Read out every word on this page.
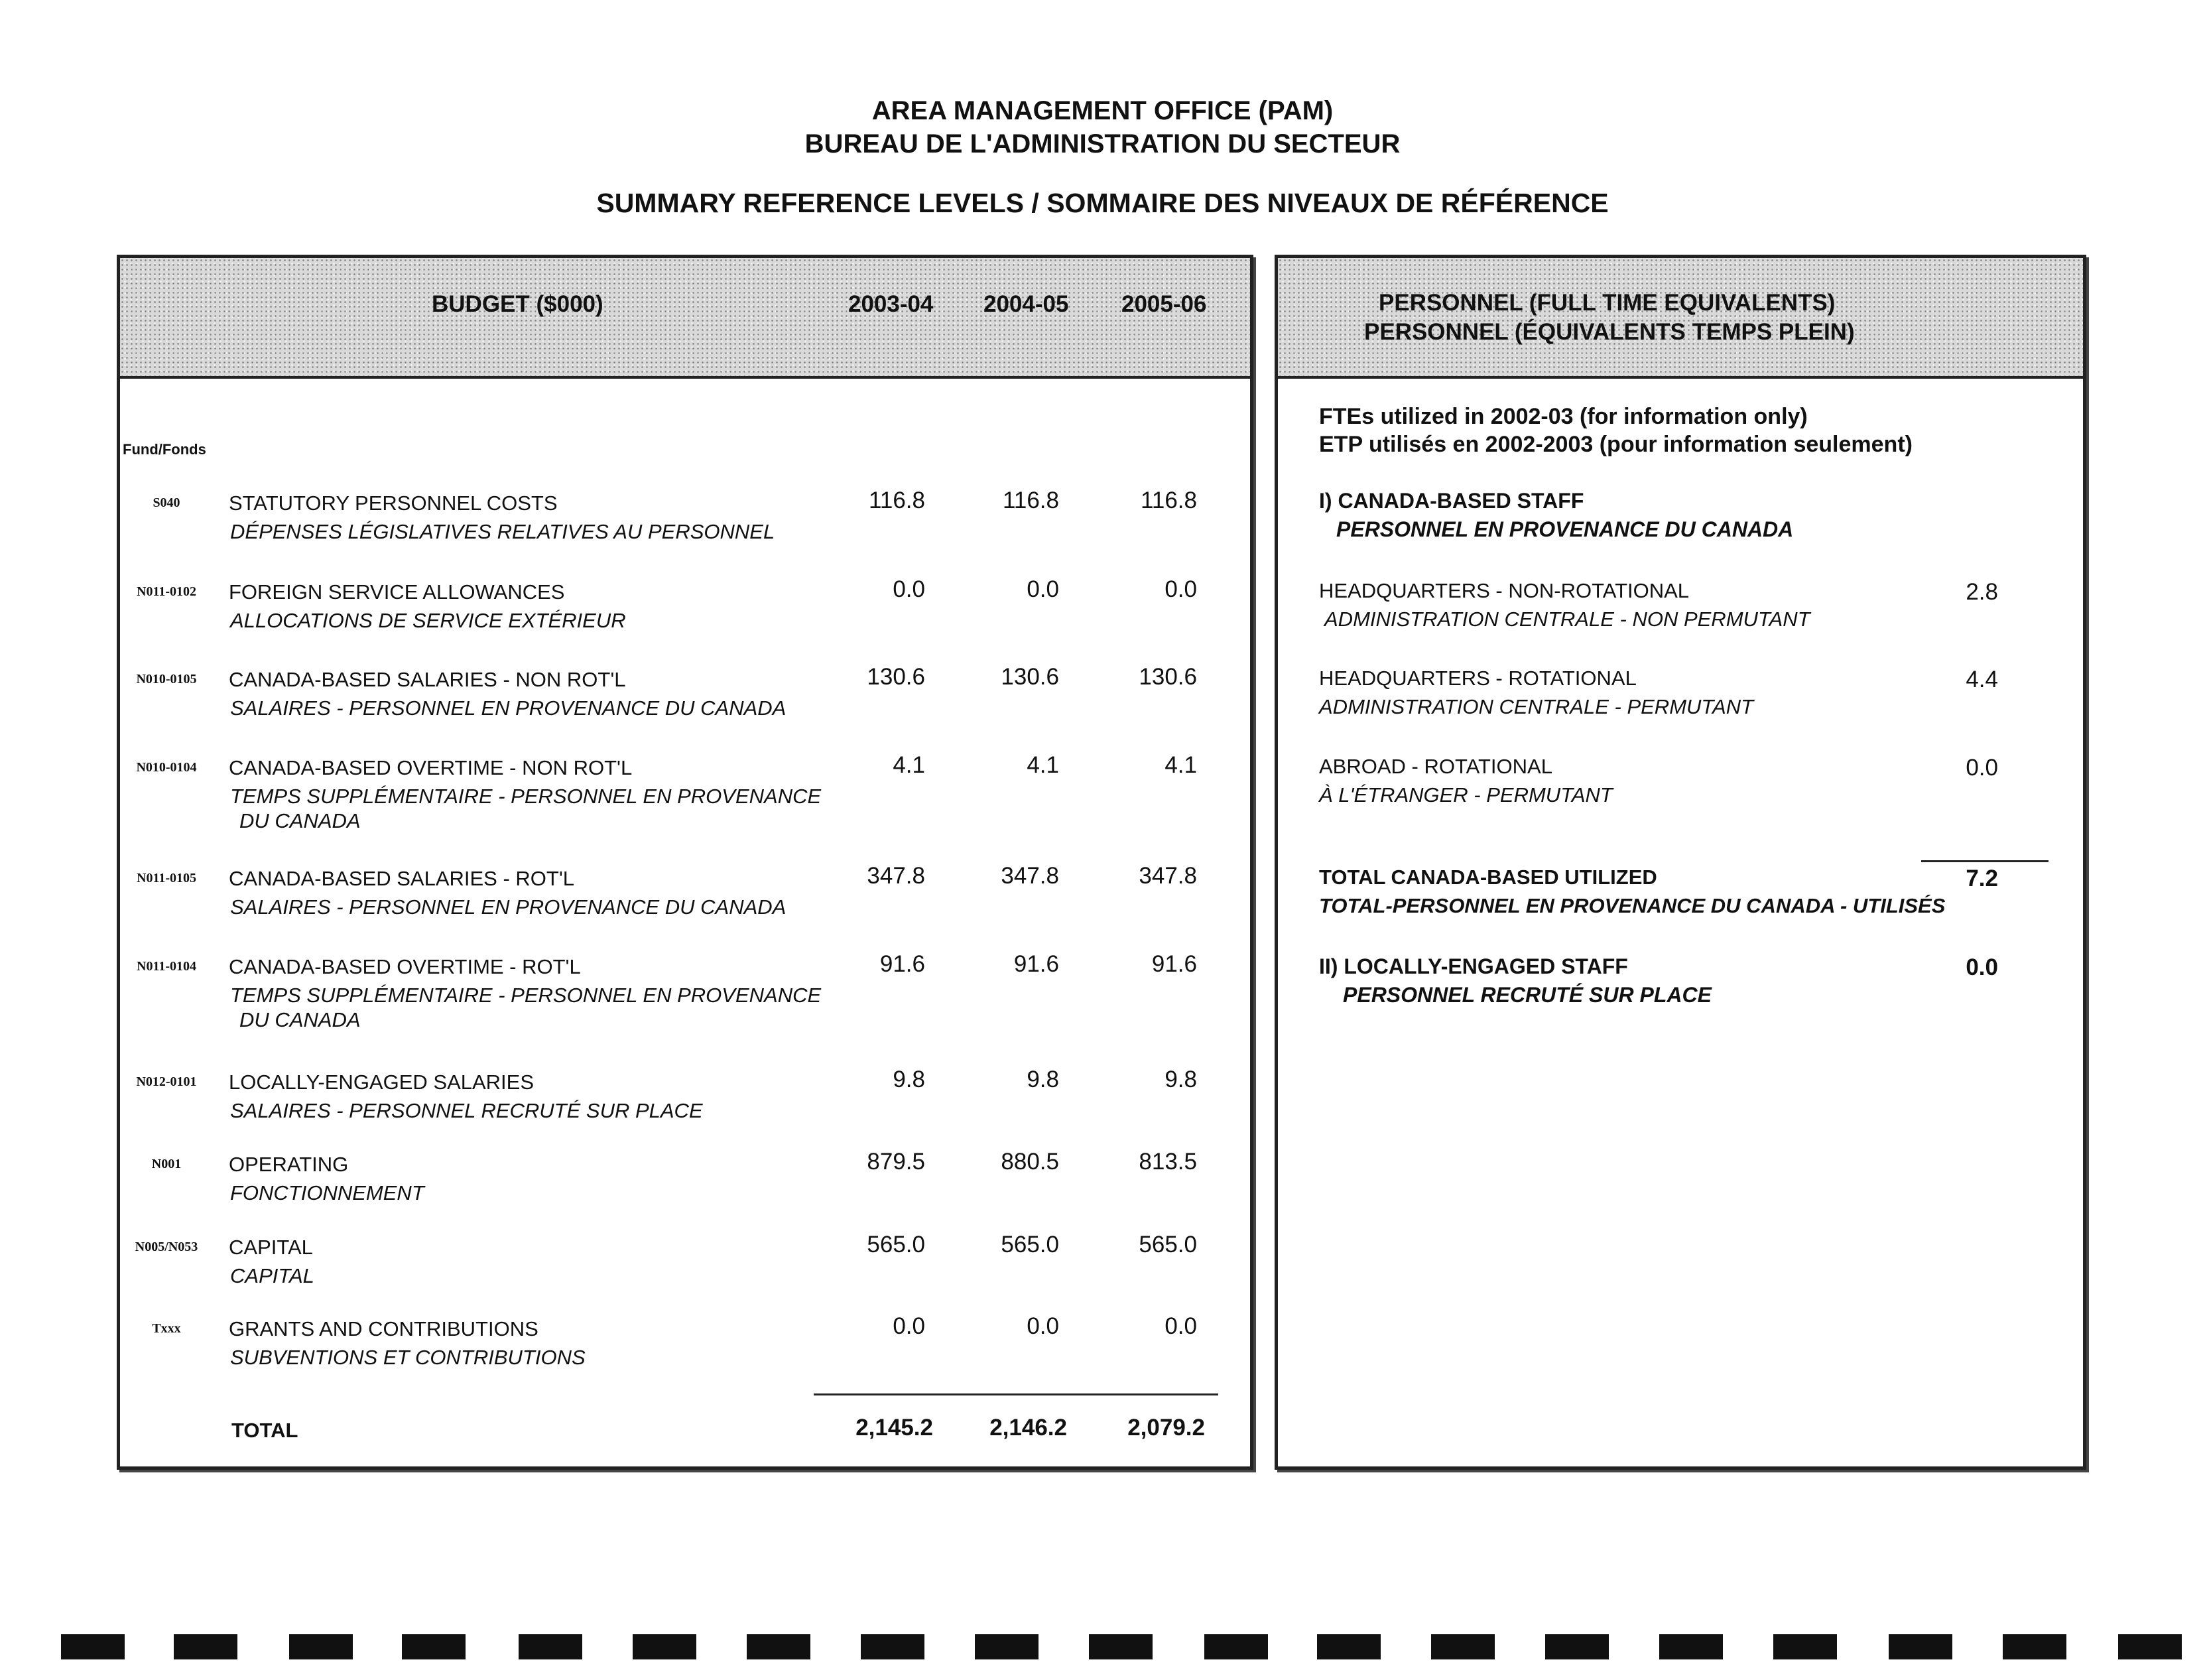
AREA MANAGEMENT OFFICE (PAM)
BUREAU DE L'ADMINISTRATION DU SECTEUR
SUMMARY REFERENCE LEVELS / SOMMAIRE DES NIVEAUX DE RÉFÉRENCE
BUDGET ($000)	2003-04 2004-05 2005-06
Fund/Fonds
S040	STATUTORY PERSONNEL COSTS
DÉPENSES LÉGISLATIVES RELATIVES AU PERSONNEL
116.8	116.8	116.8
N011-0102	FOREIGN SERVICE ALLOWANCES
ALLOCATIONS DE SERVICE EXTÉRIEUR
0.0	0.0	0.0
N010-0105	CANADA-BASED SALARIES - NON ROT'L
SALAIRES - PERSONNEL EN PROVENANCE DU CANADA
130.6	130.6	130.6
N010-0104	CANADA-BASED OVERTIME - NON ROT'L
TEMPS SUPPLÉMENTAIRE - PERSONNEL EN PROVENANCE
DU CANADA
4.1	4.1	4.1
N011-0105	CANADA-BASED SALARIES - ROT'L
SALAIRES - PERSONNEL EN PROVENANCE DU CANADA
347.8	347.8	347.8
N011-0104	CANADA-BASED OVERTIME - ROT'L
TEMPS SUPPLÉMENTAIRE - PERSONNEL EN PROVENANCE
DU CANADA
91.6	91.6	91.6
N012-0101	LOCALLY-ENGAGED SALARIES
SALAIRES - PERSONNEL RECRUTÉ SUR PLACE
9.8	9.8	9.8
N001	OPERATING
FONCTIONNEMENT
879.5	880.5	813.5
N005/N053	CAPITAL
CAPITAL
565.0	565.0	565.0
Txxx	GRANTS AND CONTRIBUTIONS
SUBVENTIONS ET CONTRIBUTIONS
0.0	0.0	0.0
TOTAL	2,145.2	2,146.2	2,079.2
PERSONNEL (FULL TIME EQUIVALENTS)
PERSONNEL (ÉQUIVALENTS TEMPS PLEIN)
FTEs utilized in 2002-03 (for information only)
ETP utilisés en 2002-2003 (pour information seulement)
I) CANADA-BASED STAFF
PERSONNEL EN PROVENANCE DU CANADA
HEADQUARTERS - NON-ROTATIONAL
ADMINISTRATION CENTRALE - NON PERMUTANT
2.8
HEADQUARTERS - ROTATIONAL
ADMINISTRATION CENTRALE - PERMUTANT
4.4
ABROAD - ROTATIONAL
À L'ÉTRANGER - PERMUTANT
0.0
TOTAL CANADA-BASED UTILIZED
TOTAL-PERSONNEL EN PROVENANCE DU CANADA - UTILISÉS
7.2
II) LOCALLY-ENGAGED STAFF
PERSONNEL RECRUTÉ SUR PLACE
0.0
